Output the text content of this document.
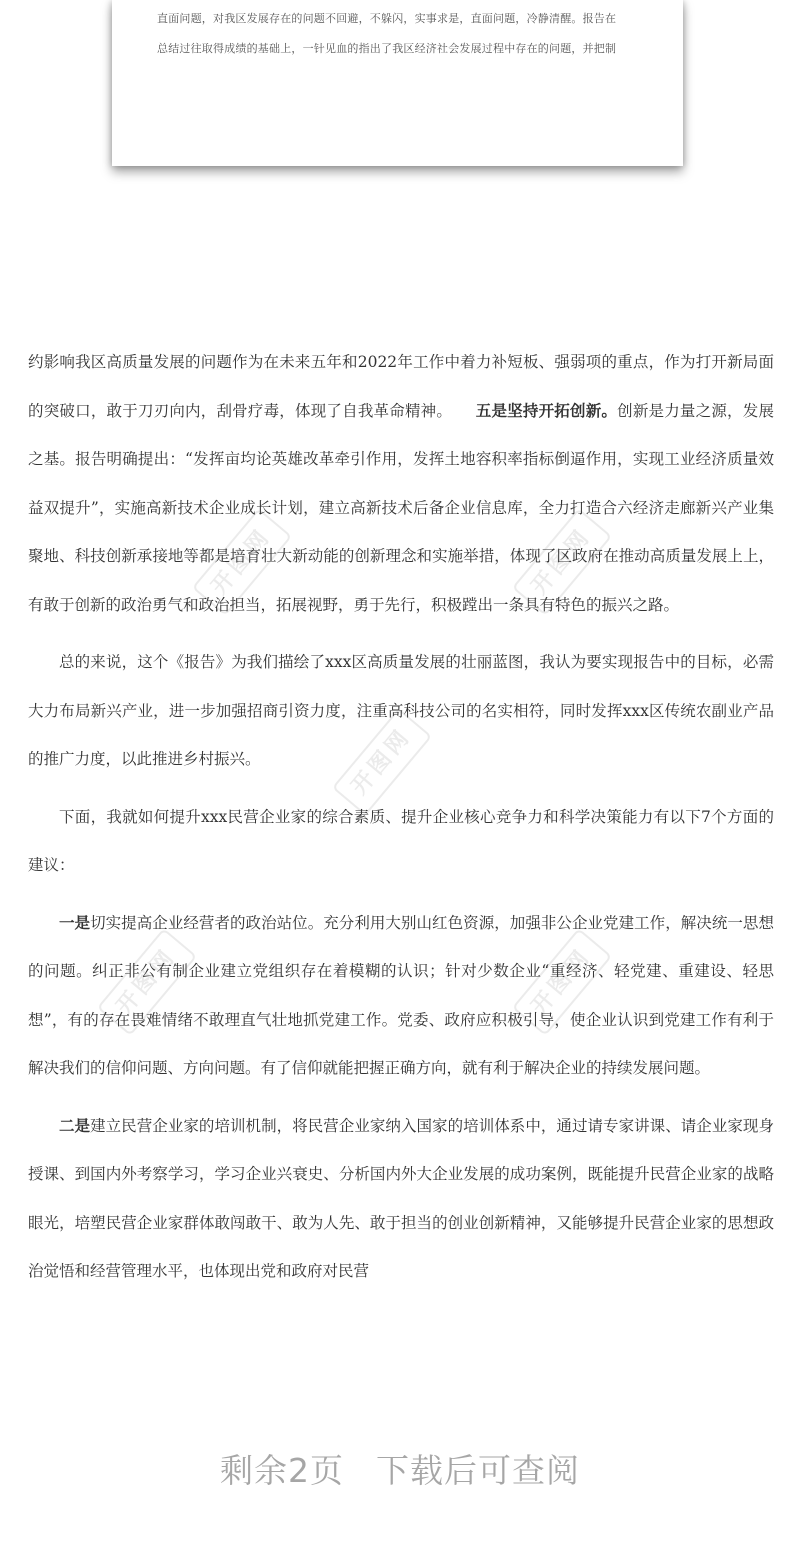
直面问题，对我区发展存在的问题不回避，不躲闪，实事求是，直面问题，冷静清醒。报告在
总结过往取得成绩的基础上，一针见血的指出了我区经济社会发展过程中存在的问题，并把制
开图网	开图网
开图网
开图网	开图网

约影响我区高质量发展的问题作为在未来五年和2022年工作中着力补短板、强弱项的重点，作为打开新局面的突破口，敢于刀刃向内，刮骨疗毒，体现了自我革命精神。　　 五是坚持开拓创新。创新是力量之源，发展之基。报告明确提出：“发挥亩均论英雄改革牵引作用，发挥土地容积率指标倒逼作用，实现工业经济质量效益双提升”，实施高新技术企业成长计划，建立高新技术后备企业信息库，全力打造合六经济走廊新兴产业集聚地、科技创新承接地等都是培育壮大新动能的创新理念和实施举措，体现了区政府在推动高质量发展上上，有敢于创新的政治勇气和政治担当，拓展视野，勇于先行，积极蹚出一条具有特色的振兴之路。

总的来说，这个《报告》为我们描绘了xxx区高质量发展的壮丽蓝图，我认为要实现报告中的目标，必需大力布局新兴产业，进一步加强招商引资力度，注重高科技公司的名实相符，同时发挥xxx区传统农副业产品的推广力度，以此推进乡村振兴。

下面，我就如何提升xxx民营企业家的综合素质、提升企业核心竞争力和科学决策能力有以下7个方面的建议：

一是切实提高企业经营者的政治站位。充分利用大别山红色资源，加强非公企业党建工作，解决统一思想的问题。纠正非公有制企业建立党组织存在着模糊的认识；针对少数企业“重经济、轻党建、重建设、轻思想”，有的存在畏难情绪不敢理直气壮地抓党建工作。党委、政府应积极引导，使企业认识到党建工作有利于解决我们的信仰问题、方向问题。有了信仰就能把握正确方向，就有利于解决企业的持续发展问题。

二是建立民营企业家的培训机制，将民营企业家纳入国家的培训体系中，通过请专家讲课、请企业家现身授课、到国内外考察学习，学习企业兴衰史、分析国内外大企业发展的成功案例，既能提升民营企业家的战略眼光，培塑民营企业家群体敢闯敢干、敢为人先、敢于担当的创业创新精神，又能够提升民营企业家的思想政治觉悟和经营管理水平，也体现出党和政府对民营

剩余2页 下载后可查阅
